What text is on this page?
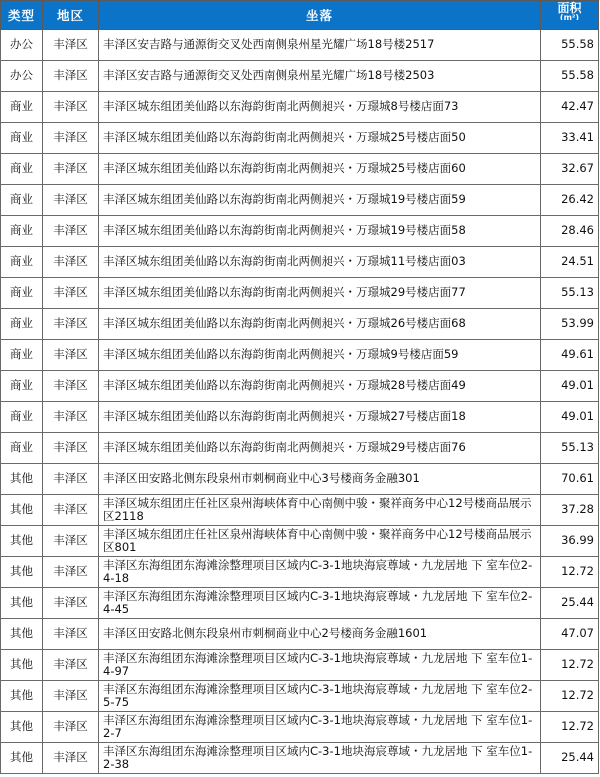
类型	地区	坐落	面积
(m²)

办公	丰泽区	丰泽区安吉路与通源街交叉处西南侧泉州星光耀广场18号楼2517	55.58
办公	丰泽区	丰泽区安吉路与通源街交叉处西南侧泉州星光耀广场18号楼2503	55.58
商业	丰泽区	丰泽区城东组团美仙路以东海韵街南北两侧昶兴・万璟城8号楼店面73	42.47
商业	丰泽区	丰泽区城东组团美仙路以东海韵街南北两侧昶兴・万璟城25号楼店面50	33.41
商业	丰泽区	丰泽区城东组团美仙路以东海韵街南北两侧昶兴・万璟城25号楼店面60	32.67
商业	丰泽区	丰泽区城东组团美仙路以东海韵街南北两侧昶兴・万璟城19号楼店面59	26.42
商业	丰泽区	丰泽区城东组团美仙路以东海韵街南北两侧昶兴・万璟城19号楼店面58	28.46
商业	丰泽区	丰泽区城东组团美仙路以东海韵街南北两侧昶兴・万璟城11号楼店面03	24.51
商业	丰泽区	丰泽区城东组团美仙路以东海韵街南北两侧昶兴・万璟城29号楼店面77	55.13
商业	丰泽区	丰泽区城东组团美仙路以东海韵街南北两侧昶兴・万璟城26号楼店面68	53.99
商业	丰泽区	丰泽区城东组团美仙路以东海韵街南北两侧昶兴・万璟城9号楼店面59	49.61
商业	丰泽区	丰泽区城东组团美仙路以东海韵街南北两侧昶兴・万璟城28号楼店面49	49.01
商业	丰泽区	丰泽区城东组团美仙路以东海韵街南北两侧昶兴・万璟城27号楼店面18	49.01
商业	丰泽区	丰泽区城东组团美仙路以东海韵街南北两侧昶兴・万璟城29号楼店面76	55.13
其他	丰泽区	丰泽区田安路北侧东段泉州市刺桐商业中心3号楼商务金融301	70.61
其他	丰泽区	丰泽区城东组团庄任社区泉州海峡体育中心南侧中骏・聚祥商务中心12号楼商品展示区2118	37.28
其他	丰泽区	丰泽区城东组团庄任社区泉州海峡体育中心南侧中骏・聚祥商务中心12号楼商品展示区801	36.99
其他	丰泽区	丰泽区东海组团东海滩涂整理项目区域内C-3-1地块海宸尊域・九龙居地 下 室车位2-4-18	12.72
其他	丰泽区	丰泽区东海组团东海滩涂整理项目区域内C-3-1地块海宸尊域・九龙居地 下 室车位2-4-45	25.44
其他	丰泽区	丰泽区田安路北侧东段泉州市刺桐商业中心2号楼商务金融1601	47.07
其他	丰泽区	丰泽区东海组团东海滩涂整理项目区域内C-3-1地块海宸尊域・九龙居地 下 室车位1-4-97	12.72
其他	丰泽区	丰泽区东海组团东海滩涂整理项目区域内C-3-1地块海宸尊域・九龙居地 下 室车位2-5-75	12.72
其他	丰泽区	丰泽区东海组团东海滩涂整理项目区域内C-3-1地块海宸尊域・九龙居地 下 室车位1-2-7	12.72
其他	丰泽区	丰泽区东海组团东海滩涂整理项目区域内C-3-1地块海宸尊域・九龙居地 下 室车位1-2-38	25.44
